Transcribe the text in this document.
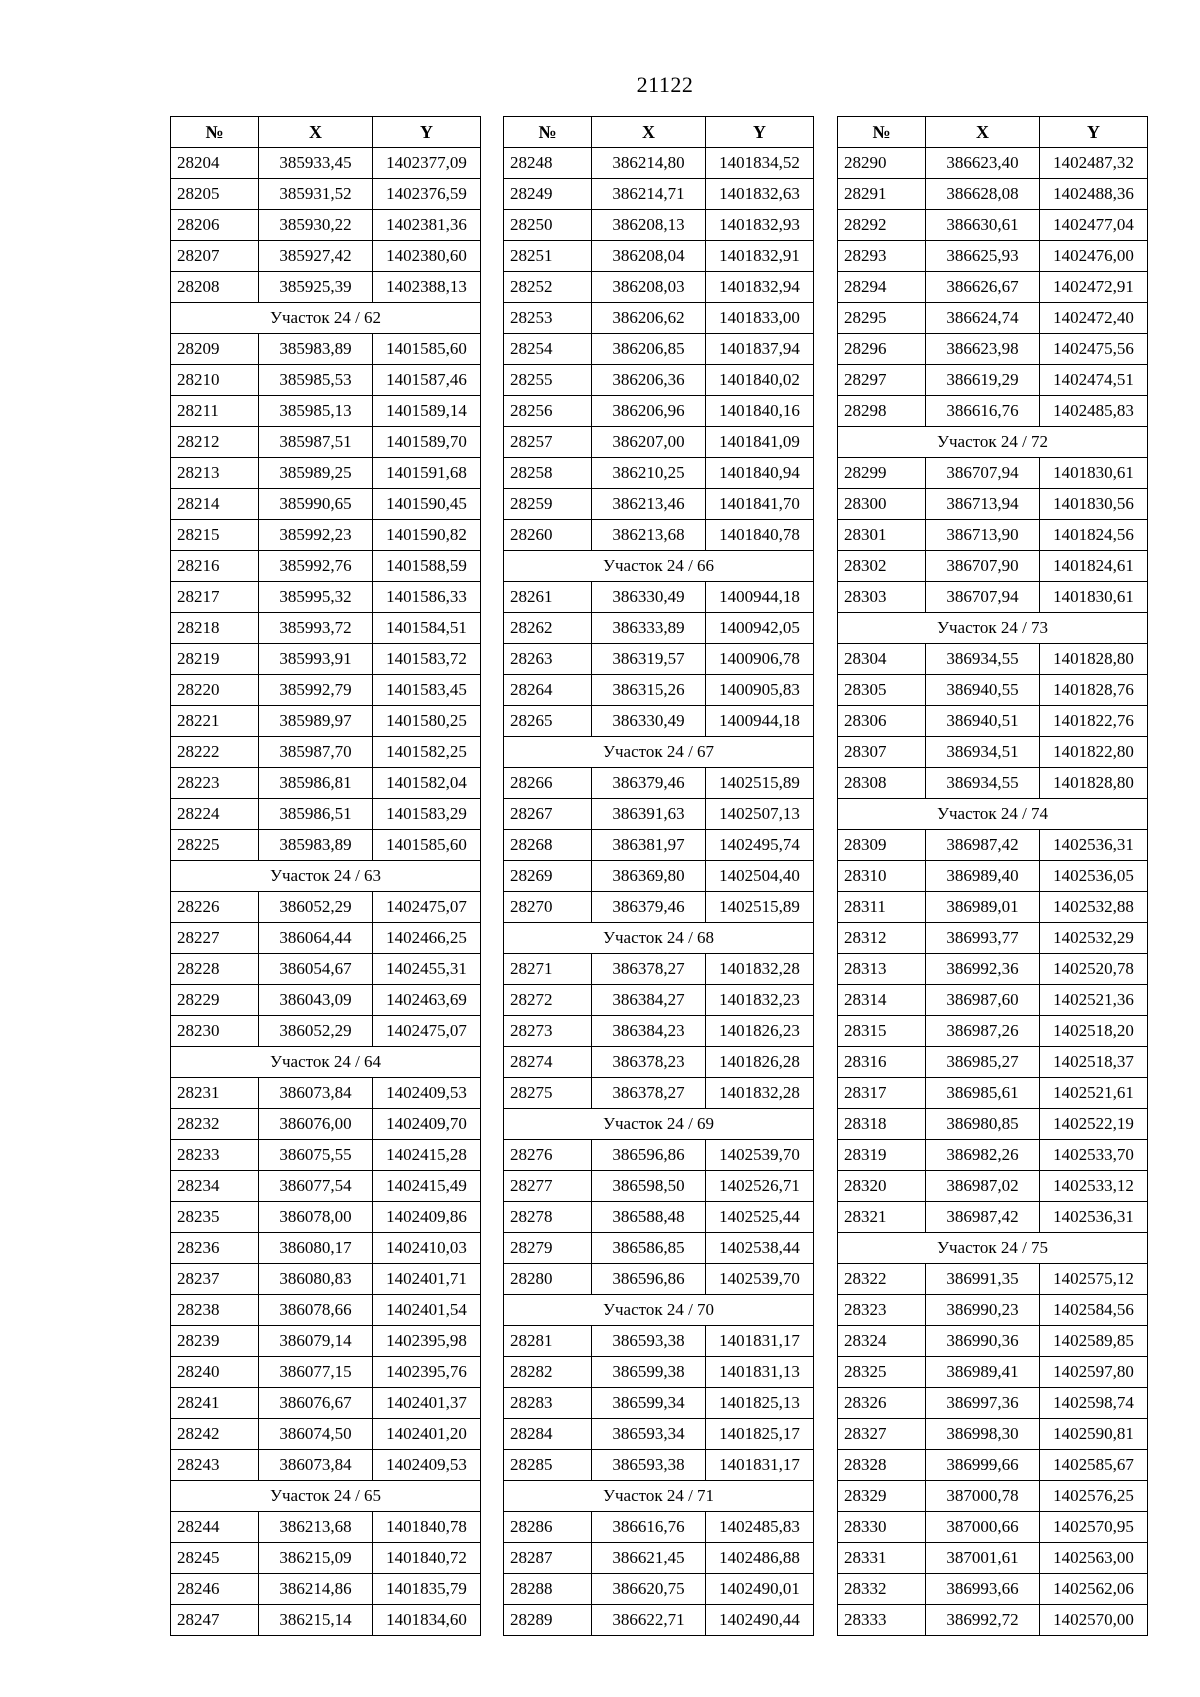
21122
№	X	Y
28204	385933,45	1402377,09
28205	385931,52	1402376,59
28206	385930,22	1402381,36
28207	385927,42	1402380,60
28208	385925,39	1402388,13
Участок 24 / 62		
28209	385983,89	1401585,60
28210	385985,53	1401587,46
28211	385985,13	1401589,14
28212	385987,51	1401589,70
28213	385989,25	1401591,68
28214	385990,65	1401590,45
28215	385992,23	1401590,82
28216	385992,76	1401588,59
28217	385995,32	1401586,33
28218	385993,72	1401584,51
28219	385993,91	1401583,72
28220	385992,79	1401583,45
28221	385989,97	1401580,25
28222	385987,70	1401582,25
28223	385986,81	1401582,04
28224	385986,51	1401583,29
28225	385983,89	1401585,60
Участок 24 / 63		
28226	386052,29	1402475,07
28227	386064,44	1402466,25
28228	386054,67	1402455,31
28229	386043,09	1402463,69
28230	386052,29	1402475,07
Участок 24 / 64		
28231	386073,84	1402409,53
28232	386076,00	1402409,70
28233	386075,55	1402415,28
28234	386077,54	1402415,49
28235	386078,00	1402409,86
28236	386080,17	1402410,03
28237	386080,83	1402401,71
28238	386078,66	1402401,54
28239	386079,14	1402395,98
28240	386077,15	1402395,76
28241	386076,67	1402401,37
28242	386074,50	1402401,20
28243	386073,84	1402409,53
Участок 24 / 65		
28244	386213,68	1401840,78
28245	386215,09	1401840,72
28246	386214,86	1401835,79
28247	386215,14	1401834,60
№	X	Y
28248	386214,80	1401834,52
28249	386214,71	1401832,63
28250	386208,13	1401832,93
28251	386208,04	1401832,91
28252	386208,03	1401832,94
28253	386206,62	1401833,00
28254	386206,85	1401837,94
28255	386206,36	1401840,02
28256	386206,96	1401840,16
28257	386207,00	1401841,09
28258	386210,25	1401840,94
28259	386213,46	1401841,70
28260	386213,68	1401840,78
Участок 24 / 66		
28261	386330,49	1400944,18
28262	386333,89	1400942,05
28263	386319,57	1400906,78
28264	386315,26	1400905,83
28265	386330,49	1400944,18
Участок 24 / 67		
28266	386379,46	1402515,89
28267	386391,63	1402507,13
28268	386381,97	1402495,74
28269	386369,80	1402504,40
28270	386379,46	1402515,89
Участок 24 / 68		
28271	386378,27	1401832,28
28272	386384,27	1401832,23
28273	386384,23	1401826,23
28274	386378,23	1401826,28
28275	386378,27	1401832,28
Участок 24 / 69		
28276	386596,86	1402539,70
28277	386598,50	1402526,71
28278	386588,48	1402525,44
28279	386586,85	1402538,44
28280	386596,86	1402539,70
Участок 24 / 70		
28281	386593,38	1401831,17
28282	386599,38	1401831,13
28283	386599,34	1401825,13
28284	386593,34	1401825,17
28285	386593,38	1401831,17
Участок 24 / 71		
28286	386616,76	1402485,83
28287	386621,45	1402486,88
28288	386620,75	1402490,01
28289	386622,71	1402490,44
№	X	Y
28290	386623,40	1402487,32
28291	386628,08	1402488,36
28292	386630,61	1402477,04
28293	386625,93	1402476,00
28294	386626,67	1402472,91
28295	386624,74	1402472,40
28296	386623,98	1402475,56
28297	386619,29	1402474,51
28298	386616,76	1402485,83
Участок 24 / 72		
28299	386707,94	1401830,61
28300	386713,94	1401830,56
28301	386713,90	1401824,56
28302	386707,90	1401824,61
28303	386707,94	1401830,61
Участок 24 / 73		
28304	386934,55	1401828,80
28305	386940,55	1401828,76
28306	386940,51	1401822,76
28307	386934,51	1401822,80
28308	386934,55	1401828,80
Участок 24 / 74		
28309	386987,42	1402536,31
28310	386989,40	1402536,05
28311	386989,01	1402532,88
28312	386993,77	1402532,29
28313	386992,36	1402520,78
28314	386987,60	1402521,36
28315	386987,26	1402518,20
28316	386985,27	1402518,37
28317	386985,61	1402521,61
28318	386980,85	1402522,19
28319	386982,26	1402533,70
28320	386987,02	1402533,12
28321	386987,42	1402536,31
Участок 24 / 75		
28322	386991,35	1402575,12
28323	386990,23	1402584,56
28324	386990,36	1402589,85
28325	386989,41	1402597,80
28326	386997,36	1402598,74
28327	386998,30	1402590,81
28328	386999,66	1402585,67
28329	387000,78	1402576,25
28330	387000,66	1402570,95
28331	387001,61	1402563,00
28332	386993,66	1402562,06
28333	386992,72	1402570,00
